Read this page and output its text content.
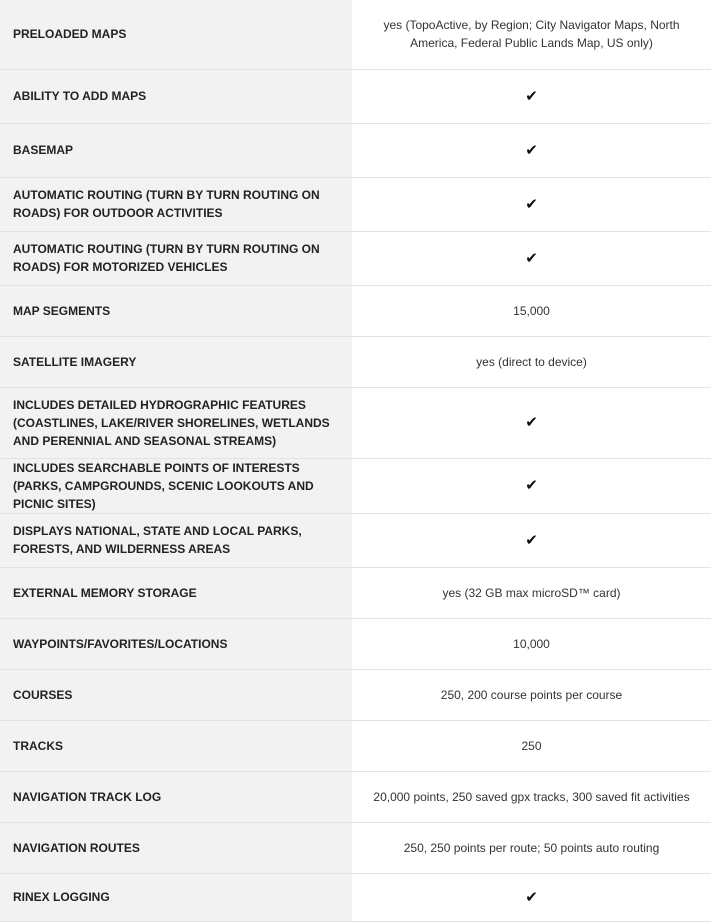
PRELOADED MAPS	yes (TopoActive, by Region; City Navigator Maps, North America, Federal Public Lands Map, US only)
ABILITY TO ADD MAPS	✔
BASEMAP	✔
AUTOMATIC ROUTING (TURN BY TURN ROUTING ON ROADS) FOR OUTDOOR ACTIVITIES	✔
AUTOMATIC ROUTING (TURN BY TURN ROUTING ON ROADS) FOR MOTORIZED VEHICLES	✔
MAP SEGMENTS	15,000
SATELLITE IMAGERY	yes (direct to device)
INCLUDES DETAILED HYDROGRAPHIC FEATURES (COASTLINES, LAKE/RIVER SHORELINES, WETLANDS AND PERENNIAL AND SEASONAL STREAMS)	✔
INCLUDES SEARCHABLE POINTS OF INTERESTS (PARKS, CAMPGROUNDS, SCENIC LOOKOUTS AND PICNIC SITES)	✔
DISPLAYS NATIONAL, STATE AND LOCAL PARKS, FORESTS, AND WILDERNESS AREAS	✔
EXTERNAL MEMORY STORAGE	yes (32 GB max microSD™ card)
WAYPOINTS/FAVORITES/LOCATIONS	10,000
COURSES	250, 200 course points per course
TRACKS	250
NAVIGATION TRACK LOG	20,000 points, 250 saved gpx tracks, 300 saved fit activities
NAVIGATION ROUTES	250, 250 points per route; 50 points auto routing
RINEX LOGGING	✔
